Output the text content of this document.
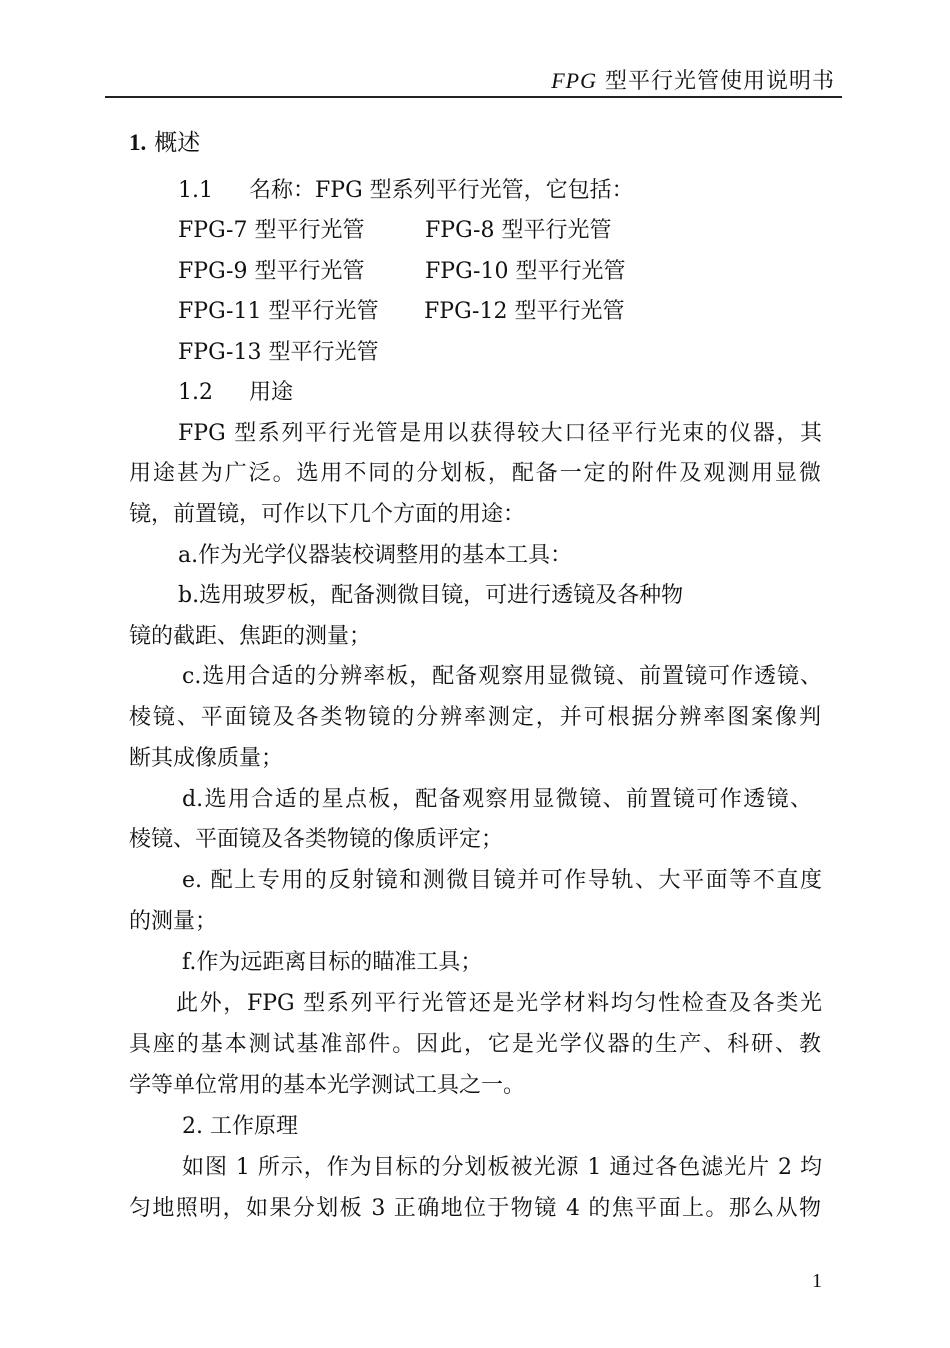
FPG 型平行光管使用说明书
1. 概述
1.1 名称：FPG 型系列平行光管，它包括：
FPG-7 型平行光管	FPG-8 型平行光管
FPG-9 型平行光管	FPG-10 型平行光管
FPG-11 型平行光管 FPG-12 型平行光管
FPG-13 型平行光管
1.2 用途
FPG 型系列平行光管是用以获得较大口径平行光束的仪器，其
用途甚为广泛。选用不同的分划板，配备一定的附件及观测用显微
镜，前置镜，可作以下几个方面的用途：
a.作为光学仪器装校调整用的基本工具：
b.选用玻罗板，配备测微目镜，可进行透镜及各种物
镜的截距、焦距的测量；
c.选用合适的分辨率板，配备观察用显微镜、前置镜可作透镜、
棱镜、平面镜及各类物镜的分辨率测定，并可根据分辨率图案像判
断其成像质量；
d.选用合适的星点板，配备观察用显微镜、前置镜可作透镜、
棱镜、平面镜及各类物镜的像质评定；
e. 配上专用的反射镜和测微目镜并可作导轨、大平面等不直度
的测量；
f.作为远距离目标的瞄准工具；
此外，FPG 型系列平行光管还是光学材料均匀性检查及各类光
具座的基本测试基准部件。因此，它是光学仪器的生产、科研、教
学等单位常用的基本光学测试工具之一。
2. 工作原理
如图 1 所示，作为目标的分划板被光源 1 通过各色滤光片 2 均
匀地照明，如果分划板 3 正确地位于物镜 4 的焦平面上。那么从物
1
